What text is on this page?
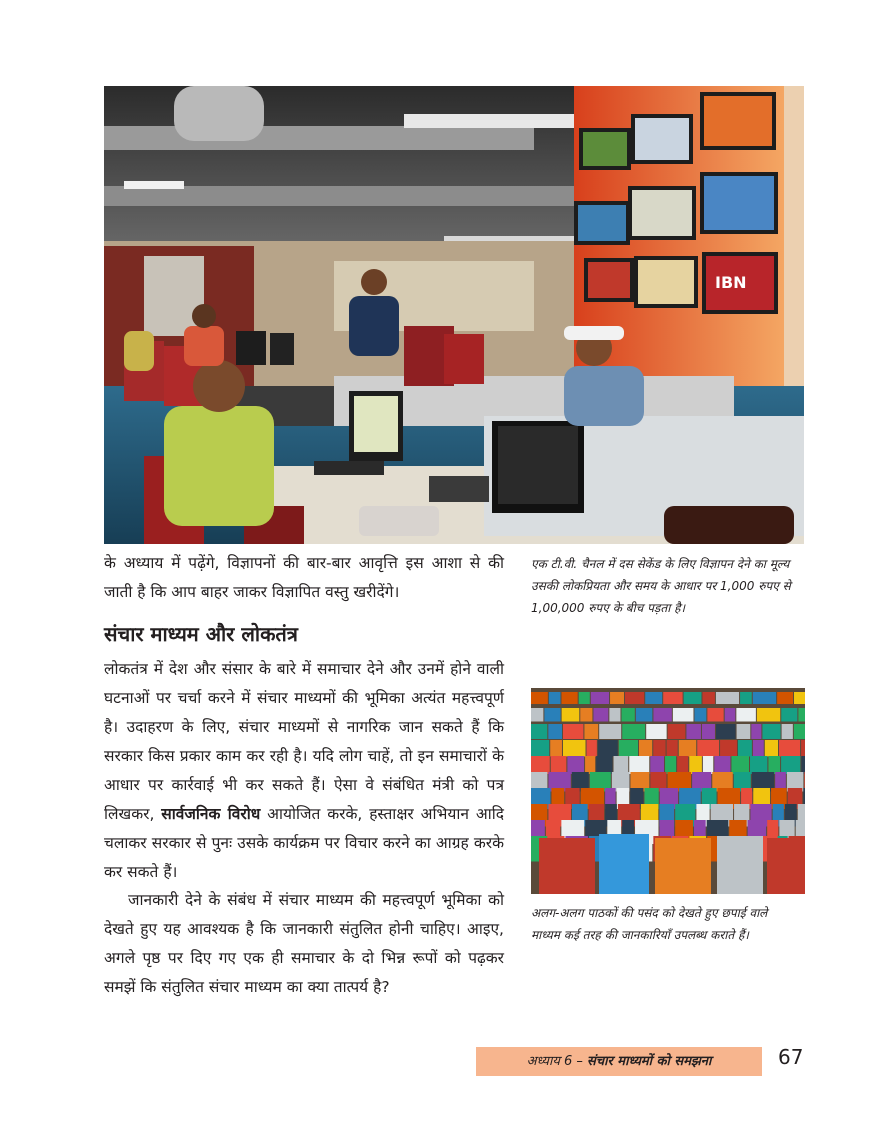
IBN
के अध्याय में पढ़ेंगे, विज्ञापनों की बार-बार आवृत्ति इस आशा से की जाती है कि आप बाहर जाकर विज्ञापित वस्तु खरीदेंगे।
एक टी.वी. चैनल में दस सेकेंड के लिए विज्ञापन देने का मूल्य उसकी लोकप्रियता और समय के आधार पर 1,000 रुपए से 1,00,000 रुपए के बीच पड़ता है।
संचार माध्यम और लोकतंत्र
लोकतंत्र में देश और संसार के बारे में समाचार देने और उनमें होने वाली घटनाओं पर चर्चा करने में संचार माध्यमों की भूमिका अत्यंत महत्त्वपूर्ण है। उदाहरण के लिए, संचार माध्यमों से नागरिक जान सकते हैं कि सरकार किस प्रकार काम कर रही है। यदि लोग चाहें, तो इन समाचारों के आधार पर कार्रवाई भी कर सकते हैं। ऐसा वे संबंधित मंत्री को पत्र लिखकर, सार्वजनिक विरोध आयोजित करके, हस्ताक्षर अभियान आदि चलाकर सरकार से पुनः उसके कार्यक्रम पर विचार करने का आग्रह करके कर सकते हैं।
जानकारी देने के संबंध में संचार माध्यम की महत्त्वपूर्ण भूमिका को देखते हुए यह आवश्यक है कि जानकारी संतुलित होनी चाहिए। आइए, अगले पृष्ठ पर दिए गए एक ही समाचार के दो भिन्न रूपों को पढ़कर समझें कि संतुलित संचार माध्यम का क्या तात्पर्य है?
अलग-अलग पाठकों की पसंद को देखते हुए छपाई वाले माध्यम कई तरह की जानकारियाँ उपलब्ध कराते हैं।
अध्याय 6 – संचार माध्यमों को समझना	67
